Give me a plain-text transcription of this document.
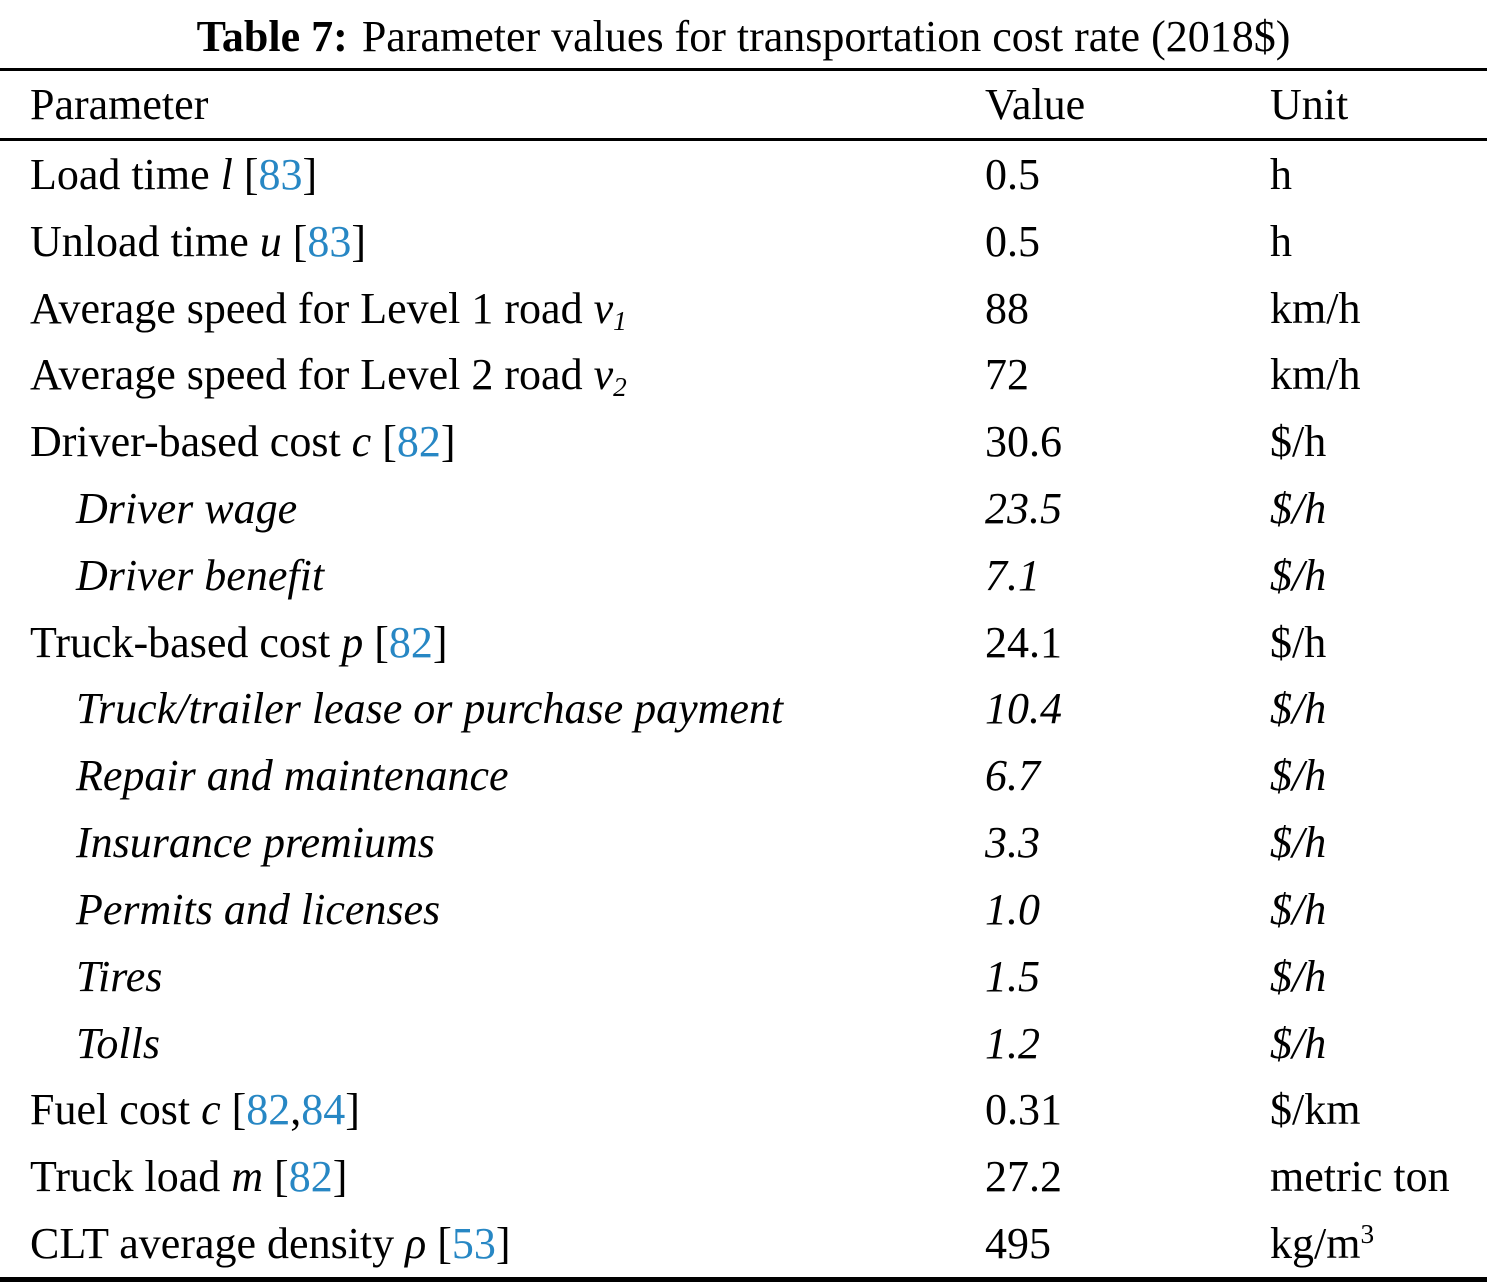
Table 7: Parameter values for transportation cost rate (2018$)
Parameter	Value	Unit
Load time l [83]	0.5	h
Unload time u [83]	0.5	h
Average speed for Level 1 road $v_1$	88	km/h
Average speed for Level 2 road $v_2$	72	km/h
Driver-based cost c [82]	30.6	$/h
Driver wage	23.5	$/h
Driver benefit	7.1	$/h
Truck-based cost p [82]	24.1	$/h
Truck/trailer lease or purchase payment	10.4	$/h
Repair and maintenance	6.7	$/h
Insurance premiums	3.3	$/h
Permits and licenses	1.0	$/h
Tires	1.5	$/h
Tolls	1.2	$/h
Fuel cost c [82,84]	0.31	$/km
Truck load m [82]	27.2	metric ton
CLT average density ρ [53]	495	$kg/m^3$
